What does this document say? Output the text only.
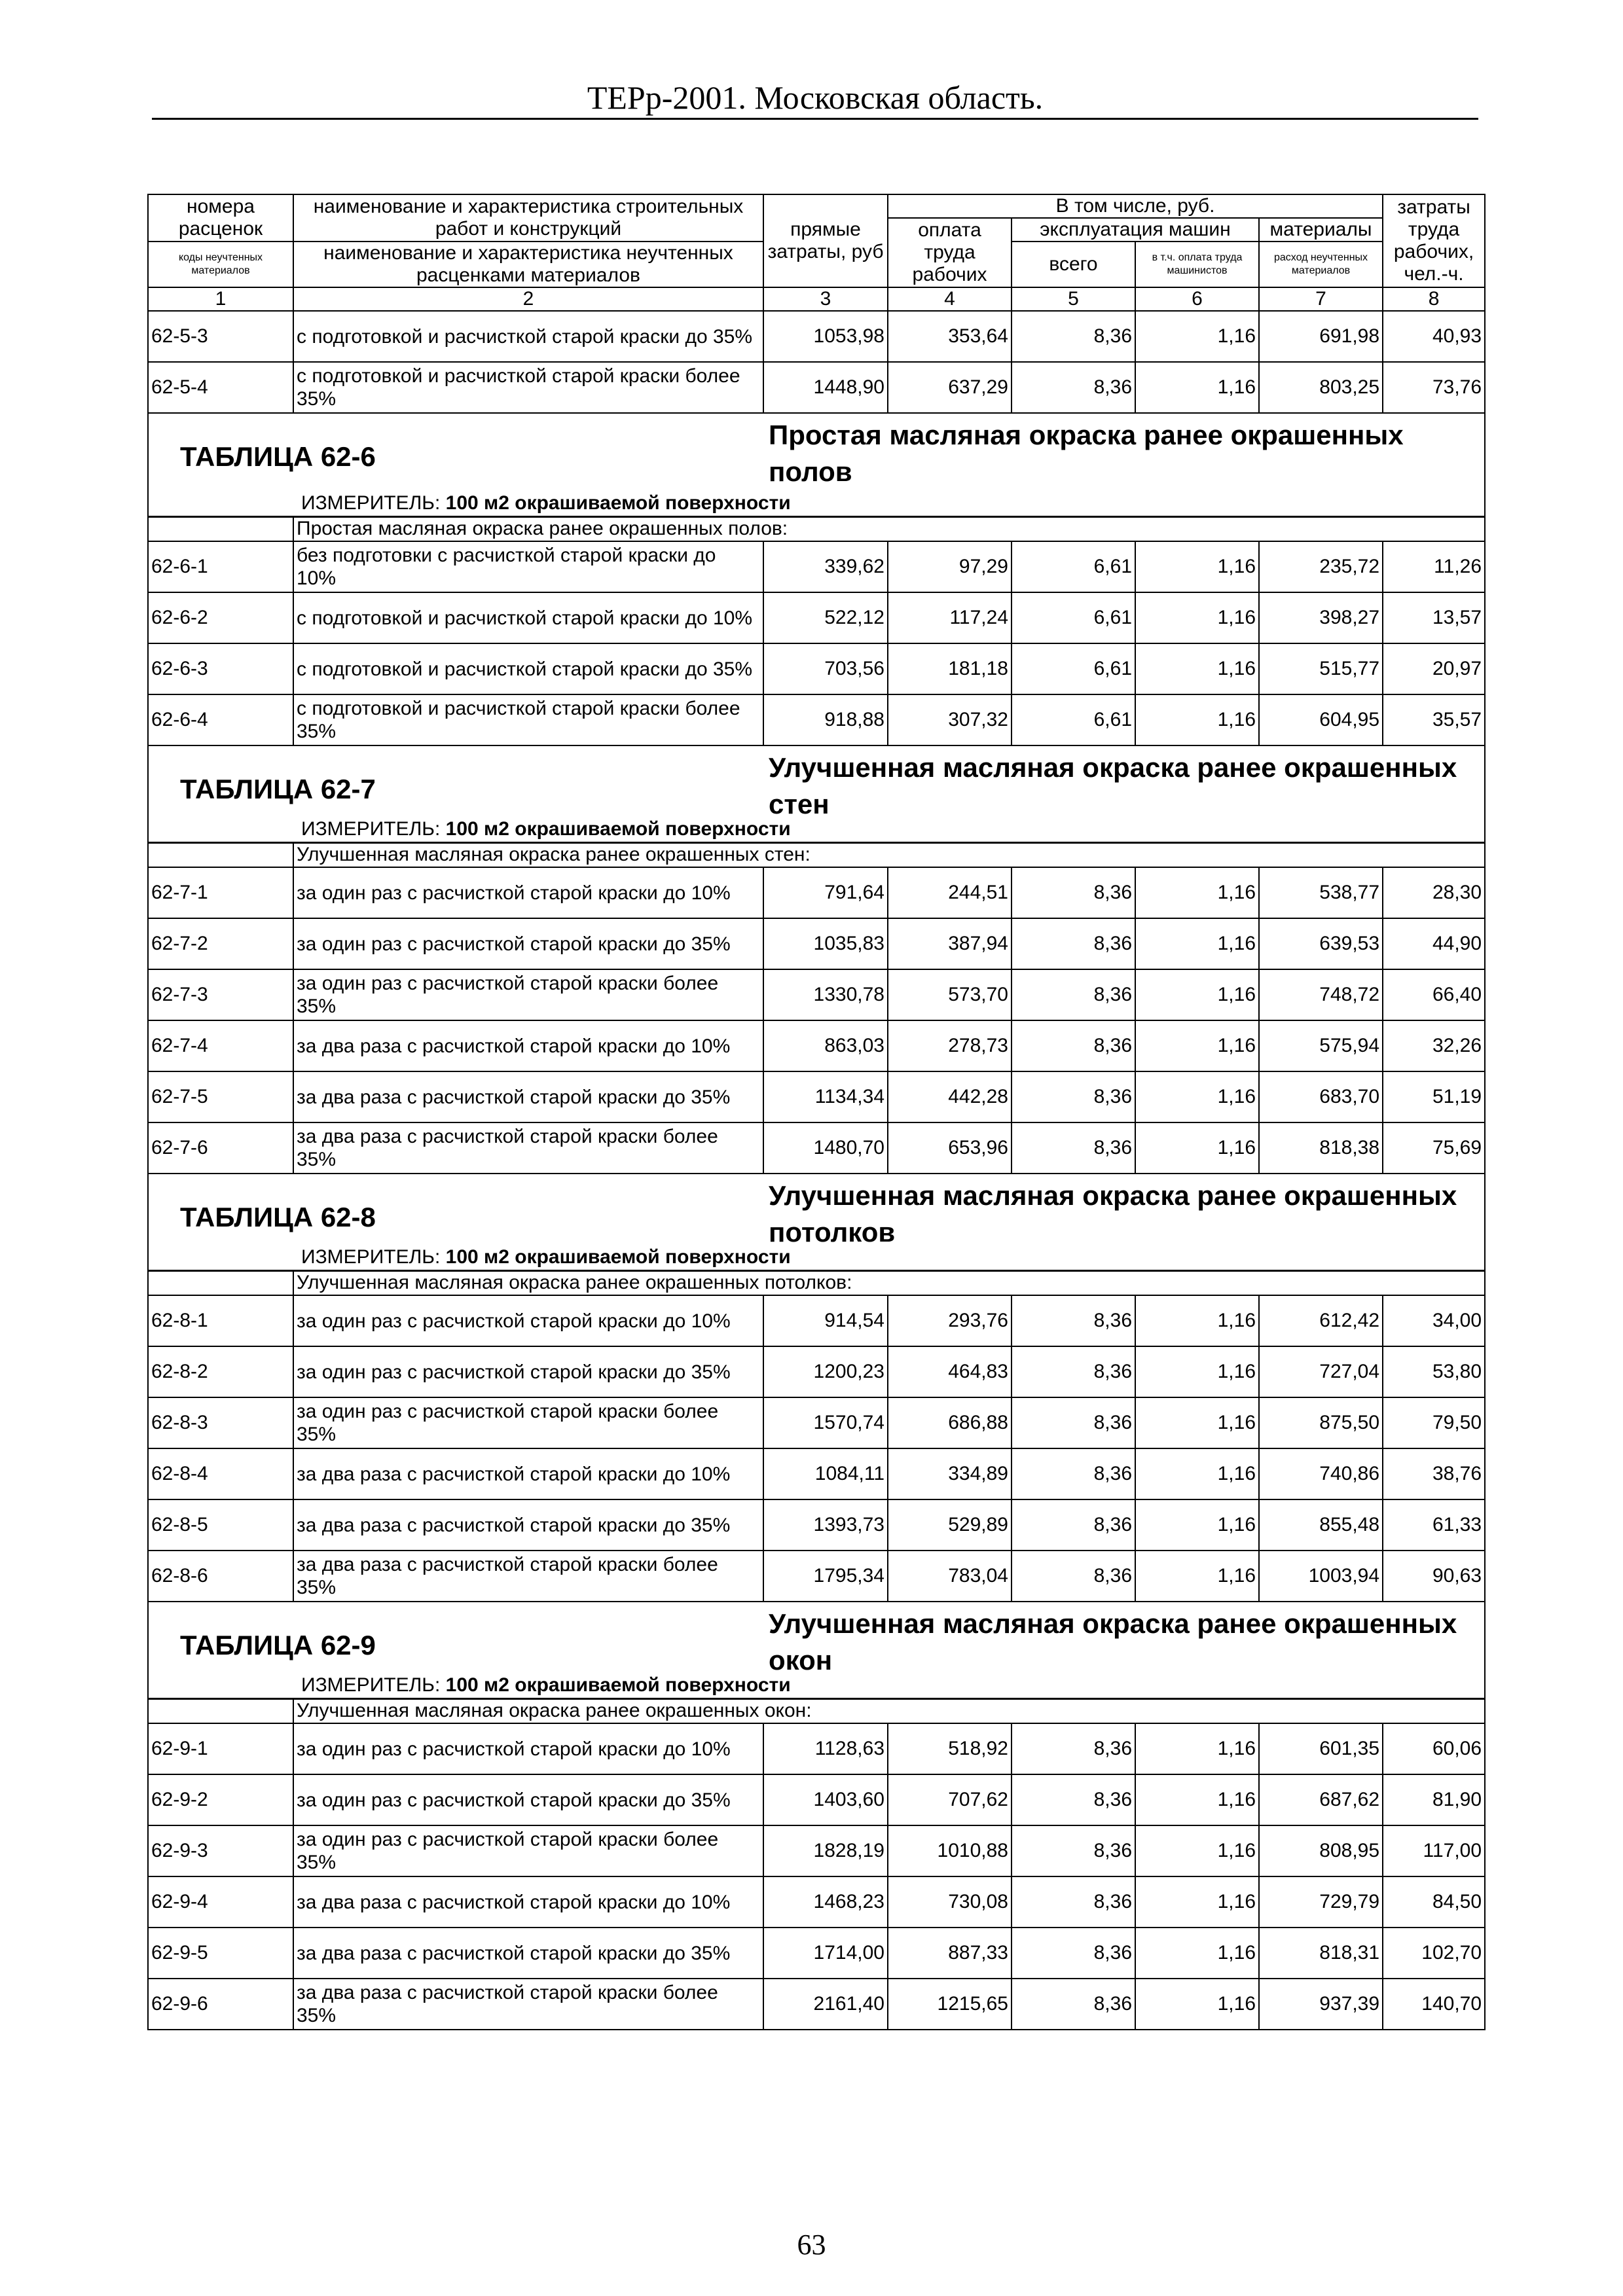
ТЕРр-2001. Московская область.
номера расценок	наименование и характеристика строительных работ и конструкций	прямые затраты, руб	В том числе, руб.				затраты труда рабочих, чел.-ч.
			оплата труда рабочих	эксплуатация машин		материалы	
коды неучтенных материалов	наименование и характеристика неучтенных расценками материалов			всего	в т.ч. оплата труда машинистов	расход неучтенных материалов	

1	2	3	4	5	6	7	8
62-5-3	с подготовкой и расчисткой старой краски до 35%	1053,98	353,64	8,36	1,16	691,98	40,93
62-5-4	с подготовкой и расчисткой старой краски более 35%	1448,90	637,29	8,36	1,16	803,25	73,76

ТАБЛИЦА 62-6
Простая масляная окраска ранее окрашенных полов
ИЗМЕРИТЕЛЬ: 100 м2 окрашиваемой поверхности							

	Простая масляная окраска ранее окрашенных полов:						
62-6-1	без подготовки с расчисткой старой краски до 10%	339,62	97,29	6,61	1,16	235,72	11,26
62-6-2	с подготовкой и расчисткой старой краски до 10%	522,12	117,24	6,61	1,16	398,27	13,57
62-6-3	с подготовкой и расчисткой старой краски до 35%	703,56	181,18	6,61	1,16	515,77	20,97
62-6-4	с подготовкой и расчисткой старой краски более 35%	918,88	307,32	6,61	1,16	604,95	35,57

ТАБЛИЦА 62-7
Улучшенная масляная окраска ранее окрашенных стен
ИЗМЕРИТЕЛЬ: 100 м2 окрашиваемой поверхности							

	Улучшенная масляная окраска ранее окрашенных стен:						
62-7-1	за один раз с расчисткой старой краски до 10%	791,64	244,51	8,36	1,16	538,77	28,30
62-7-2	за один раз с расчисткой старой краски до 35%	1035,83	387,94	8,36	1,16	639,53	44,90
62-7-3	за один раз с расчисткой старой краски более 35%	1330,78	573,70	8,36	1,16	748,72	66,40
62-7-4	за два раза с расчисткой старой краски до 10%	863,03	278,73	8,36	1,16	575,94	32,26
62-7-5	за два раза с расчисткой старой краски до 35%	1134,34	442,28	8,36	1,16	683,70	51,19
62-7-6	за два раза с расчисткой старой краски более 35%	1480,70	653,96	8,36	1,16	818,38	75,69

ТАБЛИЦА 62-8
Улучшенная масляная окраска ранее окрашенных потолков
ИЗМЕРИТЕЛЬ: 100 м2 окрашиваемой поверхности							

	Улучшенная масляная окраска ранее окрашенных потолков:						
62-8-1	за один раз с расчисткой старой краски до 10%	914,54	293,76	8,36	1,16	612,42	34,00
62-8-2	за один раз с расчисткой старой краски до 35%	1200,23	464,83	8,36	1,16	727,04	53,80
62-8-3	за один раз с расчисткой старой краски более 35%	1570,74	686,88	8,36	1,16	875,50	79,50
62-8-4	за два раза с расчисткой старой краски до 10%	1084,11	334,89	8,36	1,16	740,86	38,76
62-8-5	за два раза с расчисткой старой краски до 35%	1393,73	529,89	8,36	1,16	855,48	61,33
62-8-6	за два раза с расчисткой старой краски более 35%	1795,34	783,04	8,36	1,16	1003,94	90,63

ТАБЛИЦА 62-9
Улучшенная масляная окраска ранее окрашенных окон
ИЗМЕРИТЕЛЬ: 100 м2 окрашиваемой поверхности							

	Улучшенная масляная окраска ранее окрашенных окон:						
62-9-1	за один раз с расчисткой старой краски до 10%	1128,63	518,92	8,36	1,16	601,35	60,06
62-9-2	за один раз с расчисткой старой краски до 35%	1403,60	707,62	8,36	1,16	687,62	81,90
62-9-3	за один раз с расчисткой старой краски более 35%	1828,19	1010,88	8,36	1,16	808,95	117,00
62-9-4	за два раза с расчисткой старой краски до 10%	1468,23	730,08	8,36	1,16	729,79	84,50
62-9-5	за два раза с расчисткой старой краски до 35%	1714,00	887,33	8,36	1,16	818,31	102,70
62-9-6	за два раза с расчисткой старой краски более 35%	2161,40	1215,65	8,36	1,16	937,39	140,70
63
